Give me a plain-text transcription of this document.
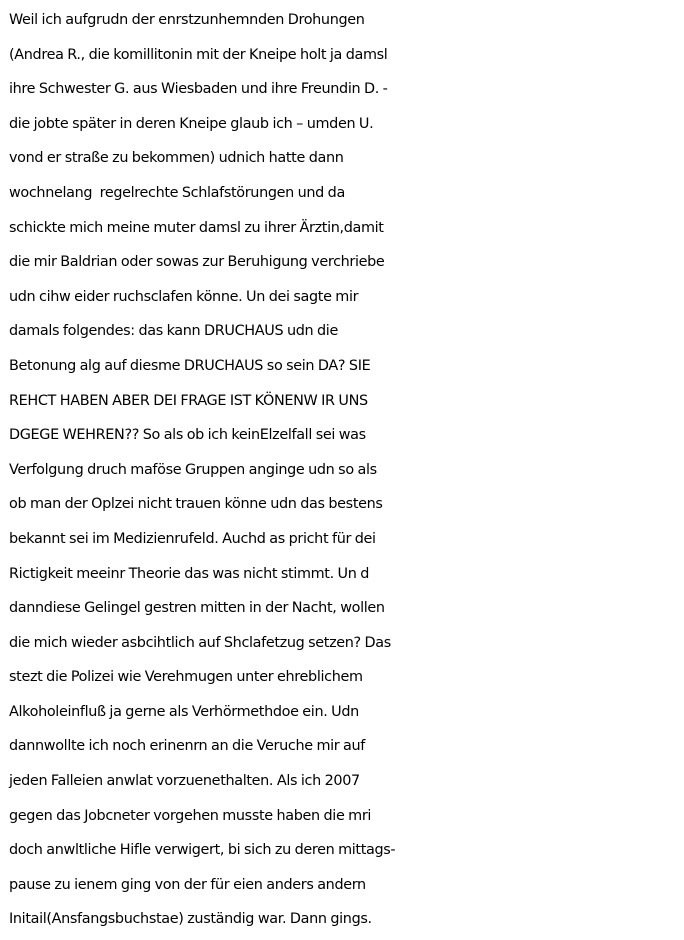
Weil ich aufgrudn der enrstzunhemnden Drohungen
(Andrea R., die komillitonin mit der Kneipe holt ja damsl
ihre Schwester G. aus Wiesbaden und ihre Freundin D. -
die jobte später in deren Kneipe glaub ich – umden U.
vond er straße zu bekommen) udnich hatte dann
wochnelang  regelrechte Schlafstörungen und da
schickte mich meine muter damsl zu ihrer Ärztin,damit
die mir Baldrian oder sowas zur Beruhigung verchriebe
udn cihw eider ruchsclafen könne. Un dei sagte mir
damals folgendes: das kann DRUCHAUS udn die
Betonung alg auf diesme DRUCHAUS so sein DA? SIE
REHCT HABEN ABER DEI FRAGE IST KÖNENW IR UNS
DGEGE WEHREN?? So als ob ich keinElzelfall sei was
Verfolgung druch maföse Gruppen anginge udn so als
ob man der Oplzei nicht trauen könne udn das bestens
bekannt sei im Medizienrufeld. Auchd as pricht für dei
Rictigkeit meeinr Theorie das was nicht stimmt. Un d
danndiese Gelingel gestren mitten in der Nacht, wollen
die mich wieder asbcihtlich auf Shclafetzug setzen? Das
stezt die Polizei wie Verehmugen unter ehreblichem
Alkoholeinfluß ja gerne als Verhörmethdoe ein. Udn
dannwollte ich noch erinenrn an die Veruche mir auf
jeden Falleien anwlat vorzuenethalten. Als ich 2007
gegen das Jobcneter vorgehen musste haben die mri
doch anwltliche Hifle verwigert, bi sich zu deren mittags-
pause zu ienem ging von der für eien anders andern
Initail(Ansfangsbuchstae) zuständig war. Dann gings.
